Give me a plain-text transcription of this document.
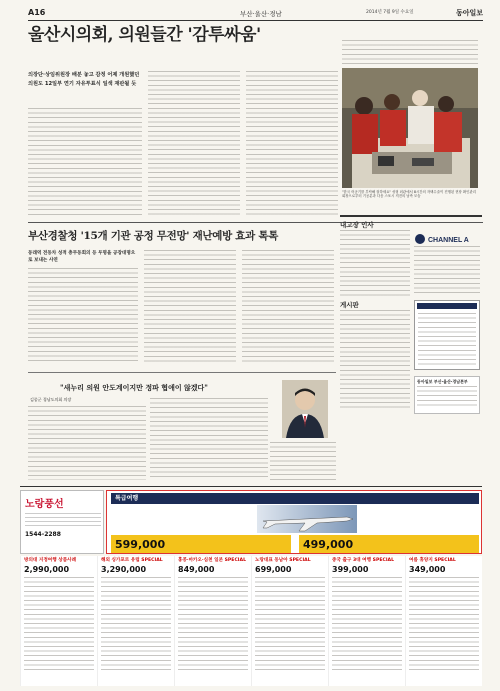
A16	부산·울산·경남	2014년 7월 9일 수요일	동아일보
울산시의회, 의원들간 '감투싸움'
의장단·상임위원장 배분 놓고 감정 어제 개원했던 의원도 12일부 연기 자유투표식 일색 재판될 듯
"한국 어공기를 부탁해 잘하세요" 성형 외관에서 8시간의 자택수술이 진행된 현장 확인관리 회장으로부터 기공분과 다음 스포시 직전의 남측 모습
부산경찰청 '15개 기관 공정 무전망' 재난예방 효과 톡톡
동래역 전동차 성적 충무동회의 등 두명을 공장대명으로 보내는 사연
"새누리 의원 안도계이지만 정파 협애이 않겠다"
김종군 경남도의회 의장
내고장 인사
CHANNEL A
게시판
동아일보 부산·울산·경남본부
노랑풍선
1544-2288
특급여행
599,000	499,000
방의대 지정여행 상품사례
2,990,000
해외 싱가포르 유럽 SPECIAL
3,290,000
홍콩·마카오·심천 일본 SPECIAL
849,000
노랑대표 동남아 SPECIAL
699,000
중국 출구 3대 여행 SPECIAL
399,000
여름 휴양지 SPECIAL
349,000
